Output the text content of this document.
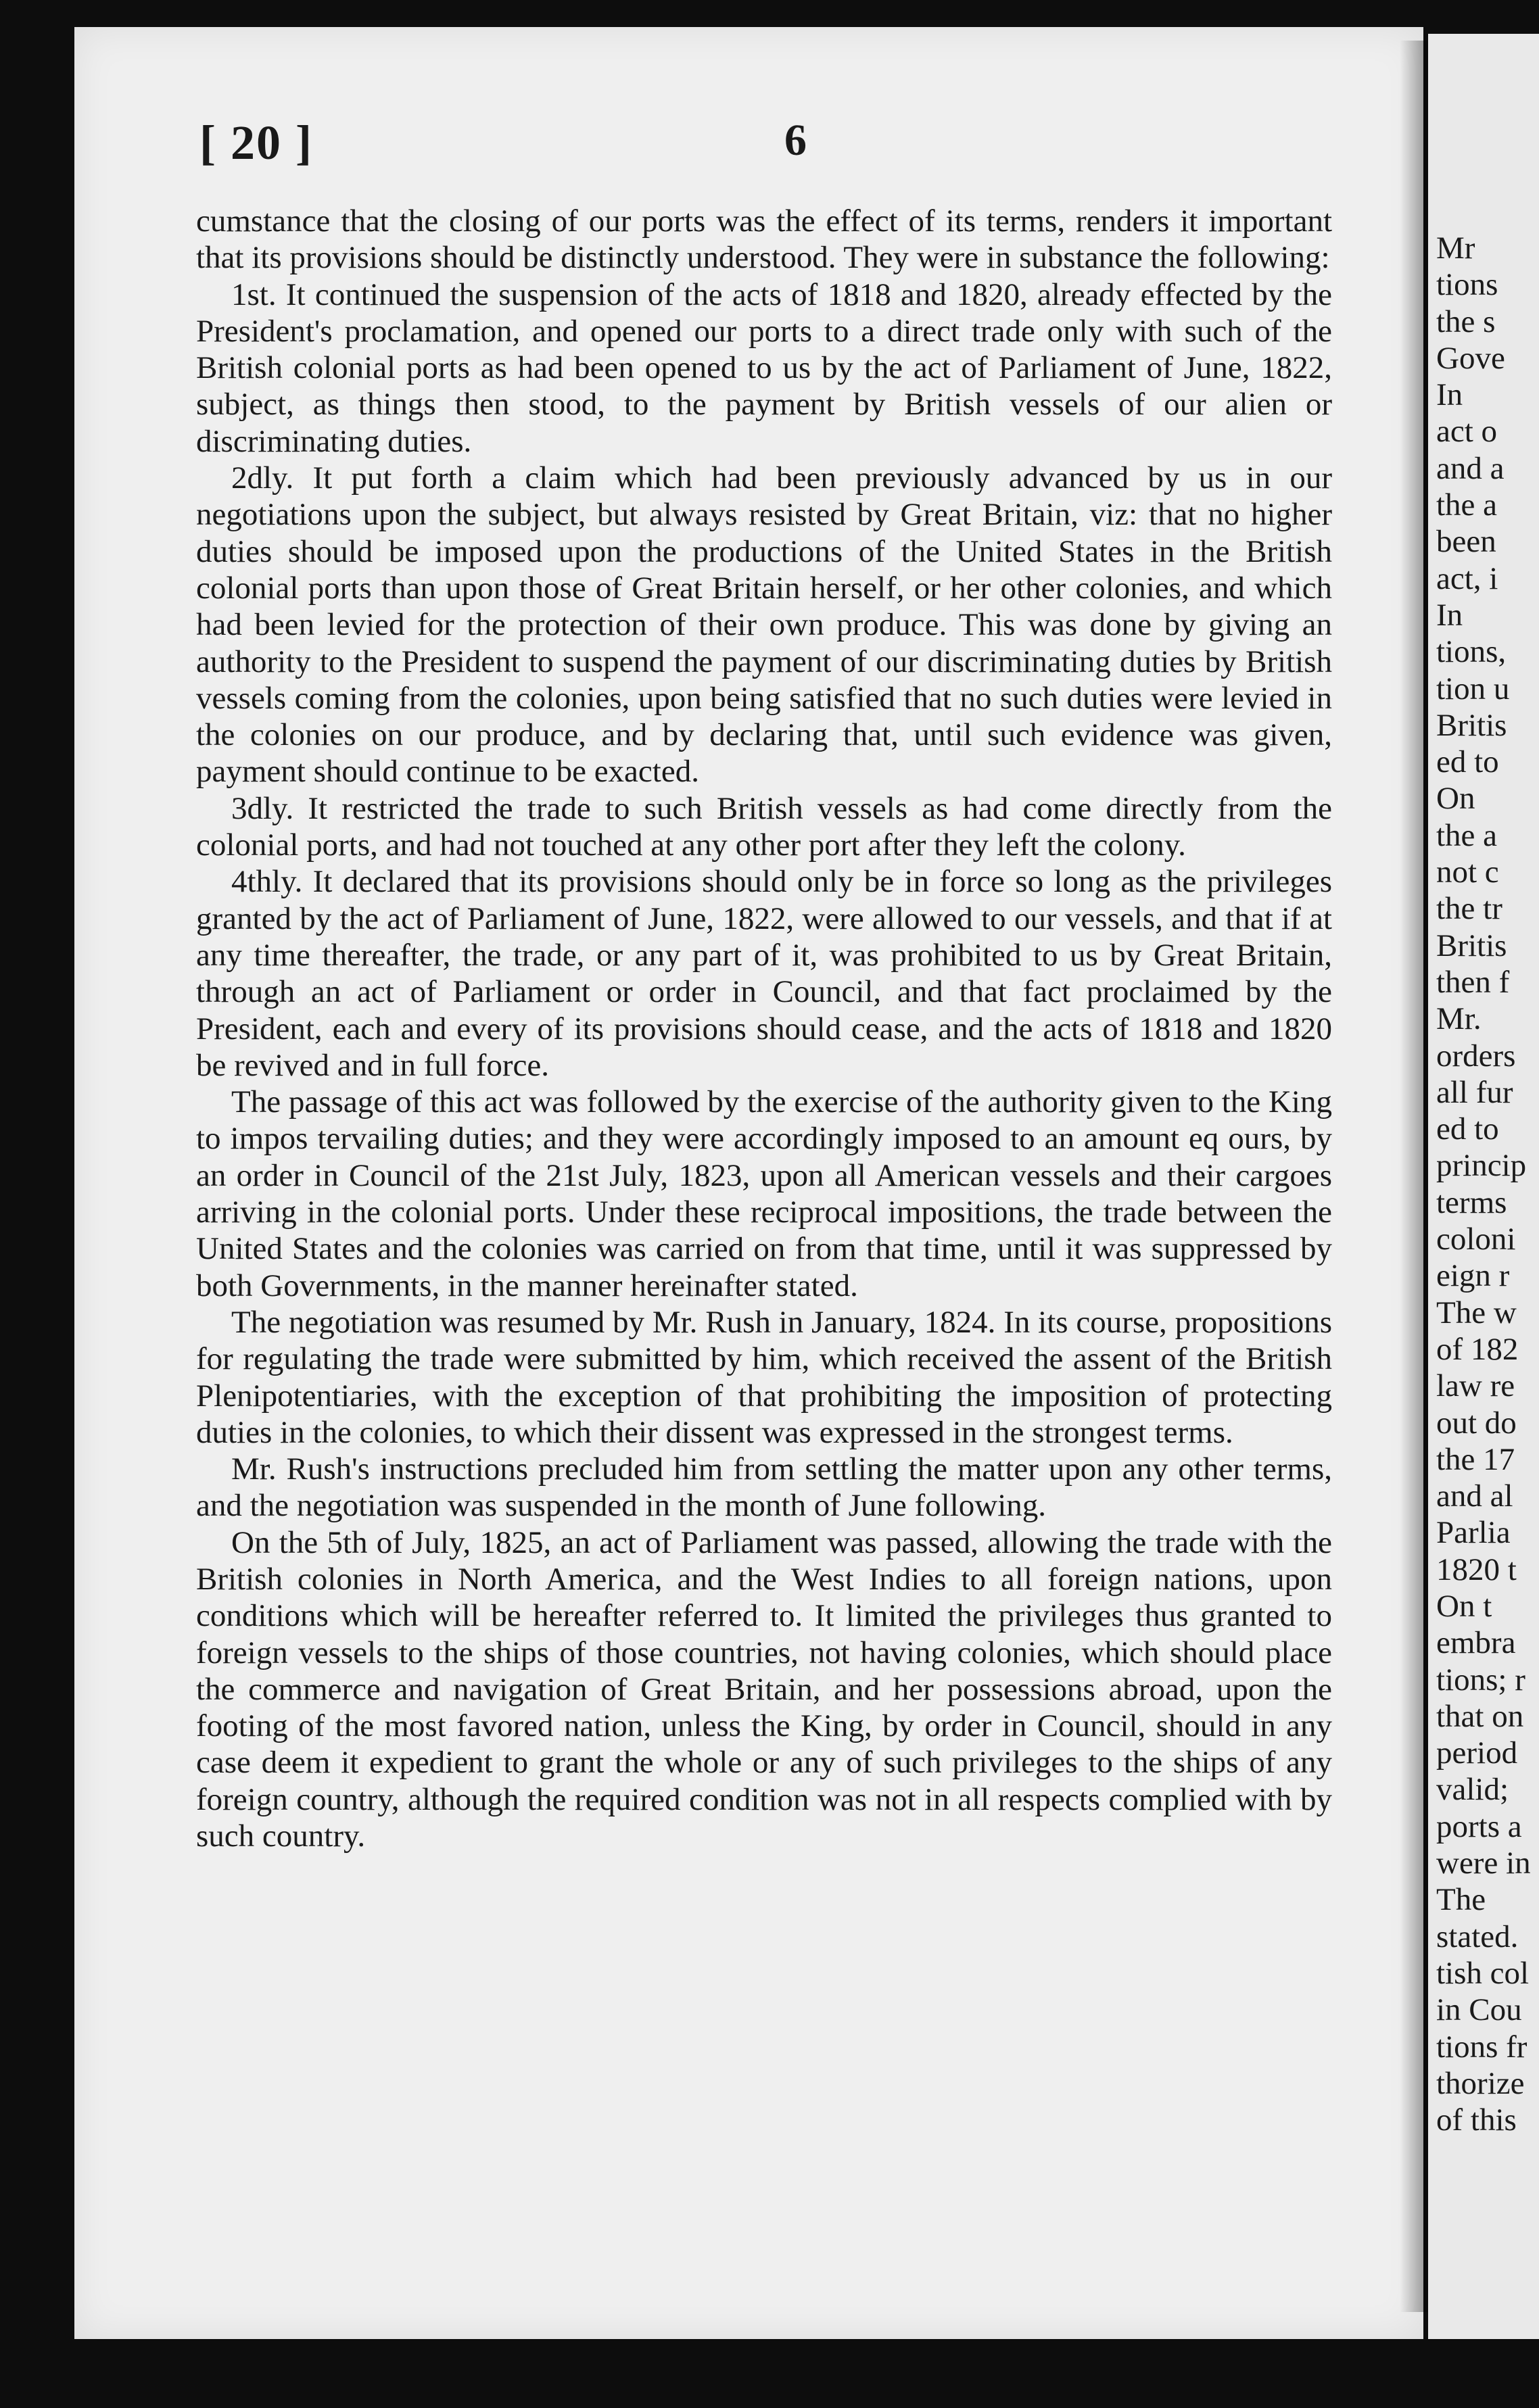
Mr
tions
the s
Gove
In
act o
and a
the a
been
act, i
In
tions,
tion u
Britis
ed to
On
the a
not c
the tr
Britis
then f
Mr.
orders
all fur
ed to
princip
terms
coloni
eign r
The w
of 182
law re
out do
the 17
and al
Parlia
1820 t
On t
embra
tions; r
that on
period
valid;
ports a
were in
The
stated.
tish col
in Cou
tions fr
thorize
of this
[ 20 ]	6

cumstance that the closing of our ports was the effect of its terms, renders it important that its provisions should be distinctly understood. They were in substance the following:

1st. It continued the suspension of the acts of 1818 and 1820, already effected by the President's proclamation, and opened our ports to a direct trade only with such of the British colonial ports as had been opened to us by the act of Parliament of June, 1822, subject, as things then stood, to the payment by British vessels of our alien or discriminating duties.

2dly. It put forth a claim which had been previously advanced by us in our negotiations upon the subject, but always resisted by Great Britain, viz: that no higher duties should be imposed upon the productions of the United States in the British colonial ports than upon those of Great Britain herself, or her other colonies, and which had been levied for the protection of their own produce. This was done by giving an authority to the President to suspend the payment of our discriminating duties by British vessels coming from the colonies, upon being satisfied that no such duties were levied in the colonies on our produce, and by declaring that, until such evidence was given, payment should continue to be exacted.

3dly. It restricted the trade to such British vessels as had come directly from the colonial ports, and had not touched at any other port after they left the colony.

4thly. It declared that its provisions should only be in force so long as the privileges granted by the act of Parliament of June, 1822, were allowed to our vessels, and that if at any time thereafter, the trade, or any part of it, was prohibited to us by Great Britain, through an act of Parliament or order in Council, and that fact proclaimed by the President, each and every of its provisions should cease, and the acts of 1818 and 1820 be revived and in full force.

The passage of this act was followed by the exercise of the authority given to the King to impos tervailing duties; and they were accordingly imposed to an amount eq ours, by an order in Council of the 21st July, 1823, upon all American vessels and their cargoes arriving in the colonial ports. Under these reciprocal impositions, the trade between the United States and the colonies was carried on from that time, until it was suppressed by both Governments, in the manner hereinafter stated.

The negotiation was resumed by Mr. Rush in January, 1824. In its course, propositions for regulating the trade were submitted by him, which received the assent of the British Plenipotentiaries, with the exception of that prohibiting the imposition of protecting duties in the colonies, to which their dissent was expressed in the strongest terms.

Mr. Rush's instructions precluded him from settling the matter upon any other terms, and the negotiation was suspended in the month of June following.

On the 5th of July, 1825, an act of Parliament was passed, allowing the trade with the British colonies in North America, and the West Indies to all foreign nations, upon conditions which will be hereafter referred to. It limited the privileges thus granted to foreign vessels to the ships of those countries, not having colonies, which should place the commerce and navigation of Great Britain, and her possessions abroad, upon the footing of the most favored nation, unless the King, by order in Council, should in any case deem it expedient to grant the whole or any of such privileges to the ships of any foreign country, although the required condition was not in all respects complied with by such country.
